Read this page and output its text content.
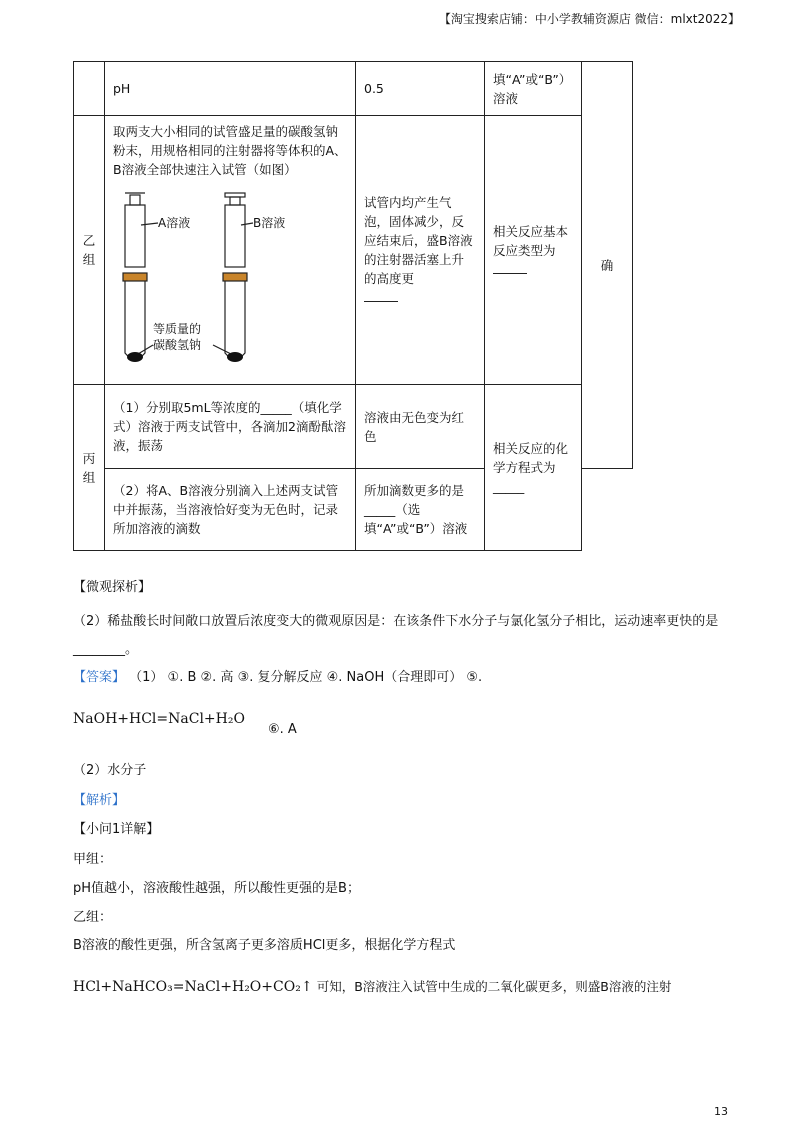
【淘宝搜索店铺：中小学教辅资源店 微信：mlxt2022】
	pH	0.5	填“A”或“B”）溶液	确
乙组	取两支大小相同的试管盛足量的碳酸氢钠粉末，用规格相同的注射器将等体积的A、B溶液全部快速注入试管（如图）
A溶液 B溶液
等质量的
碳酸氢钠	试管内均产生气泡，固体减少，反应结束后，盛B溶液的注射器活塞上升的高度更	相关反应基本反应类型为	
丙组	（1）分别取5mL等浓度的_____（填化学式）溶液于两支试管中，各滴加2滴酚酞溶液，振荡	溶液由无色变为红色	相关反应的化学方程式为_____	
	（2）将A、B溶液分别滴入上述两支试管中并振荡，当溶液恰好变为无色时，记录所加溶液的滴数	所加滴数更多的是_____（选填“A”或“B”）溶液		
【微观探析】
（2）稀盐酸长时间敞口放置后浓度变大的微观原因是：在该条件下水分子与氯化氢分子相比，运动速率更快的是________。
【答案】 （1） ①. B ②. 高 ③. 复分解反应 ④. NaOH（合理即可） ⑤.
NaOH+HCl=NaCl+H₂O
⑥. A
（2）水分子
【解析】
【小问1详解】
甲组：
pH值越小，溶液酸性越强，所以酸性更强的是B；
乙组：
B溶液的酸性更强，所含氢离子更多溶质HCl更多，根据化学方程式
HCl+NaHCO₃=NaCl+H₂O+CO₂↑ 可知，B溶液注入试管中生成的二氧化碳更多，则盛B溶液的注射
13
